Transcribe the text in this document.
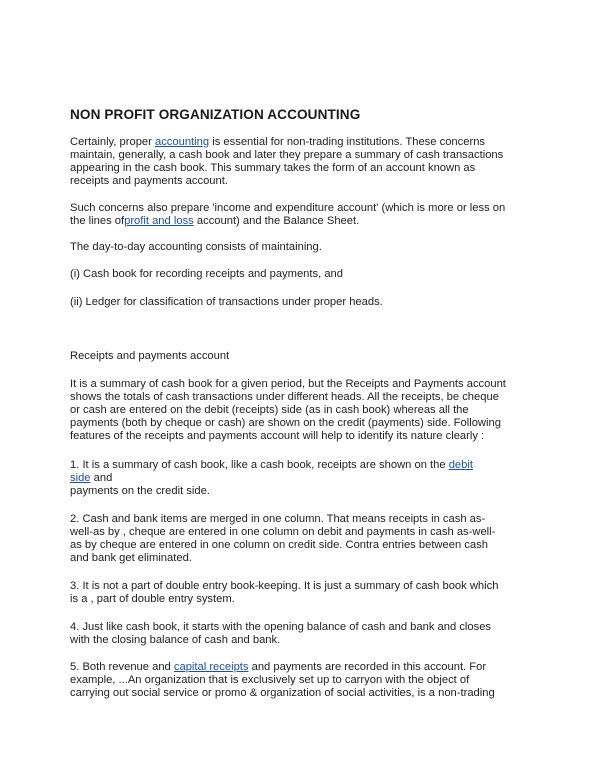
NON PROFIT ORGANIZATION ACCOUNTING

Certainly, proper accounting is essential for non-trading institutions. These concerns
maintain, generally, a cash book and later they prepare a summary of cash transactions
appearing in the cash book. This summary takes the form of an account known as
receipts and payments account.

Such concerns also prepare 'income and expenditure account' (which is more or less on
the lines ofprofit and loss account) and the Balance Sheet.

The day-to-day accounting consists of maintaining.

(i) Cash book for recording receipts and payments, and

(ii) Ledger for classification of transactions under proper heads.

Receipts and payments account

It is a summary of cash book for a given period, but the Receipts and Payments account
shows the totals of cash transactions under different heads. All the receipts, be cheque
or cash are entered on the debit (receipts) side (as in cash book) whereas all the
payments (both by cheque or cash) are shown on the credit (payments) side. Following
features of the receipts and payments account will help to identify its nature clearly :

1. It is a summary of cash book, like a cash book, receipts are shown on the debit
side and
payments on the credit side.

2. Cash and bank items are merged in one column. That means receipts in cash as-
well-as by , cheque are entered in one column on debit and payments in cash as-well-
as by cheque are entered in one column on credit side. Contra entries between cash
and bank get eliminated.

3. It is not a part of double entry book-keeping. It is just a summary of cash book which
is a , part of double entry system.

4. Just like cash book, it starts with the opening balance of cash and bank and closes
with the closing balance of cash and bank.

5. Both revenue and capital receipts and payments are recorded in this account. For
example, ...An organization that is exclusively set up to carryon with the object of
carrying out social service or promo & organization of social activities, is a non-trading
